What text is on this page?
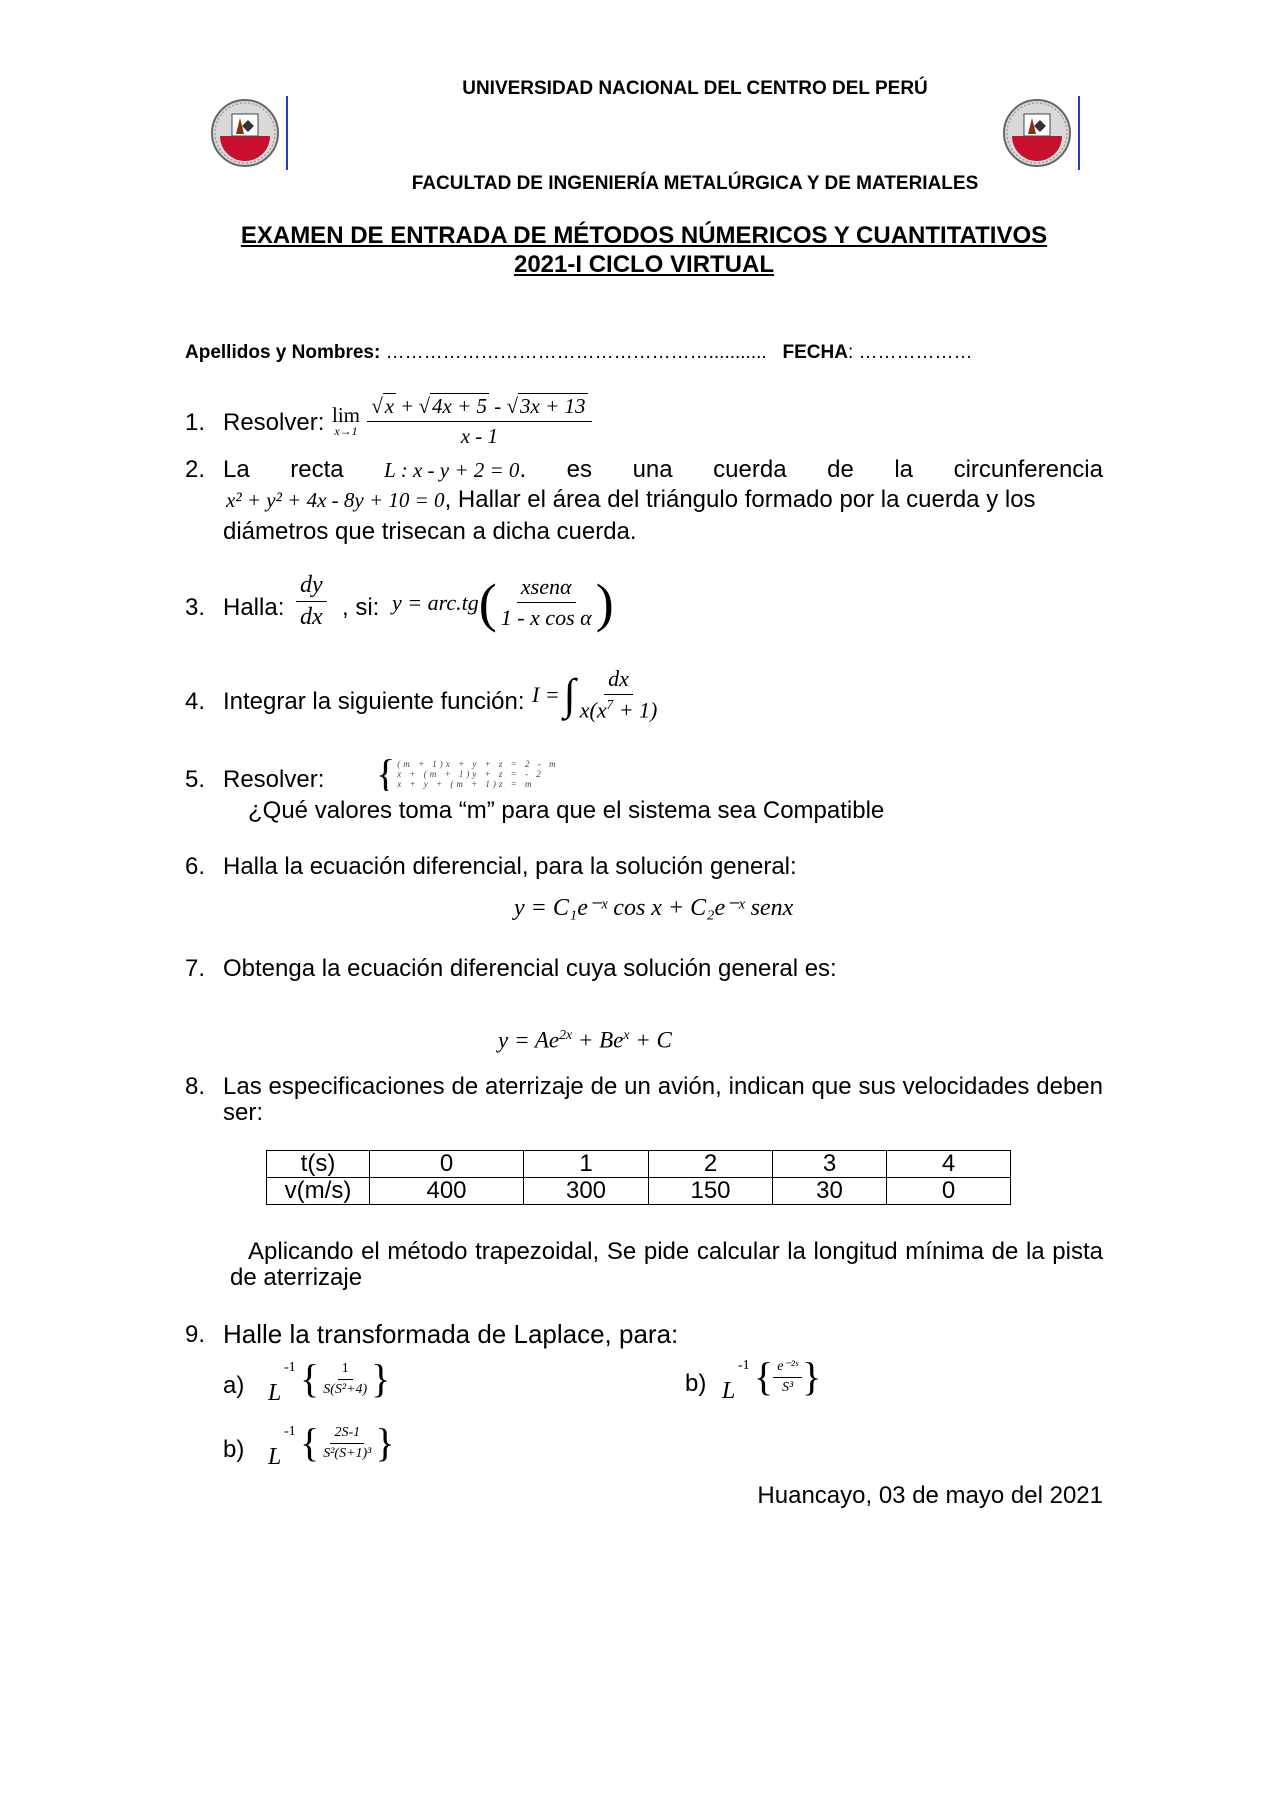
UNIVERSIDAD NACIONAL DEL CENTRO DEL PERÚ
FACULTAD DE INGENIERÍA METALÚRGICA Y DE MATERIALES
EXAMEN DE ENTRADA DE MÉTODOS NÚMERICOS Y CUANTITATIVOS
2021-I CICLO VIRTUAL
Apellidos y Nombres: ……………………………………………........... FECHA: ………………
1. Resolver: lim
x→1
$\frac{√x + √4x + 5 - √3x + 13}{x - 1}$
2. La recta L : x - y + 2 = 0. es una cuerda de la circunferencia
x² + y² + 4x - 8y + 10 = 0, Hallar el área del triángulo formado por la cuerda y los
diámetros que trisecan a dicha cuerda.
3. Halla: $\frac{dy}{dx}$ , si: y = arc.tg ( $\frac{\text{xsenα}}{\text{1 - x cos α}}$ )
4. Integrar la siguiente función: I = ∫ $\frac{dx}{x(x^7 + 1)}$
5. Resolver: { (m + 1)x + y + z = 2 - m
x + (m + 1)y + z = - 2
x + y + (m + 1)z = m
¿Qué valores toma “m” para que el sistema sea Compatible
6. Halla la ecuación diferencial, para la solución general:
y = C₁e⁻ˣ cos x + C₂e⁻ˣ senx
7. Obtenga la ecuación diferencial cuya solución general es:
$y = Ae^{2x} + Be^x + C$
8. Las especificaciones de aterrizaje de un avión, indican que sus velocidades deben
ser:
t(s)	0	1	2	3	4
v(m/s)	400	300	150	30	0
Aplicando el método trapezoidal, Se pide calcular la longitud mínima de la pista
de aterrizaje
9. Halle la transformada de Laplace, para:
a) L
-1 { $\frac{1}{\text{S(S²+4)}}$ }	b) L
-1 { $\frac{\text{e⁻²ˢ}}{\text{S³}}$ }
b) L
-1 { $\frac{2S-1}{\text{S²(S+1)³}}$ }
Huancayo, 03 de mayo del 2021
